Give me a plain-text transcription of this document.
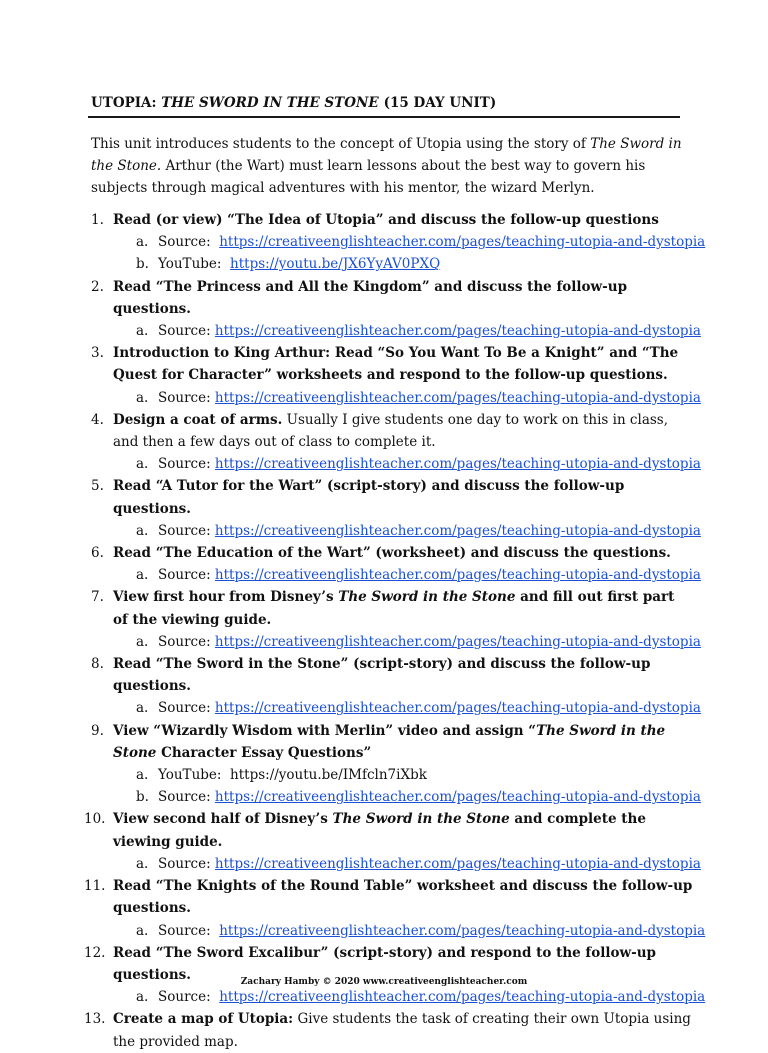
UTOPIA: THE SWORD IN THE STONE (15 DAY UNIT)
This unit introduces students to the concept of Utopia using the story of The Sword in the Stone. Arthur (the Wart) must learn lessons about the best way to govern his subjects through magical adventures with his mentor, the wizard Merlyn.
1. Read (or view) “The Idea of Utopia” and discuss the follow-up questions
a. Source:  https://creativeenglishteacher.com/pages/teaching-utopia-and-dystopia
b. YouTube:  https://youtu.be/JX6YyAV0PXQ
2. Read “The Princess and All the Kingdom” and discuss the follow-up questions.
a. Source: https://creativeenglishteacher.com/pages/teaching-utopia-and-dystopia
3. Introduction to King Arthur: Read “So You Want To Be a Knight” and “The Quest for Character” worksheets and respond to the follow-up questions.
a. Source: https://creativeenglishteacher.com/pages/teaching-utopia-and-dystopia
4. Design a coat of arms. Usually I give students one day to work on this in class, and then a few days out of class to complete it.
a. Source: https://creativeenglishteacher.com/pages/teaching-utopia-and-dystopia
5. Read “A Tutor for the Wart” (script-story) and discuss the follow-up questions.
a. Source: https://creativeenglishteacher.com/pages/teaching-utopia-and-dystopia
6. Read “The Education of the Wart” (worksheet) and discuss the questions.
a. Source: https://creativeenglishteacher.com/pages/teaching-utopia-and-dystopia
7. View first hour from Disney’s The Sword in the Stone and fill out first part of the viewing guide.
a. Source: https://creativeenglishteacher.com/pages/teaching-utopia-and-dystopia
8. Read “The Sword in the Stone” (script-story) and discuss the follow-up questions.
a. Source: https://creativeenglishteacher.com/pages/teaching-utopia-and-dystopia
9. View “Wizardly Wisdom with Merlin” video and assign “The Sword in the Stone Character Essay Questions”
a. YouTube:  https://youtu.be/IMfcln7iXbk
b. Source: https://creativeenglishteacher.com/pages/teaching-utopia-and-dystopia
10. View second half of Disney’s The Sword in the Stone and complete the viewing guide.
a. Source: https://creativeenglishteacher.com/pages/teaching-utopia-and-dystopia
11. Read “The Knights of the Round Table” worksheet and discuss the follow-up questions.
a. Source:  https://creativeenglishteacher.com/pages/teaching-utopia-and-dystopia
12. Read “The Sword Excalibur” (script-story) and respond to the follow-up questions.
a. Source:  https://creativeenglishteacher.com/pages/teaching-utopia-and-dystopia
13. Create a map of Utopia: Give students the task of creating their own Utopia using the provided map.
Zachary Hamby © 2020 www.creativeenglishteacher.com
